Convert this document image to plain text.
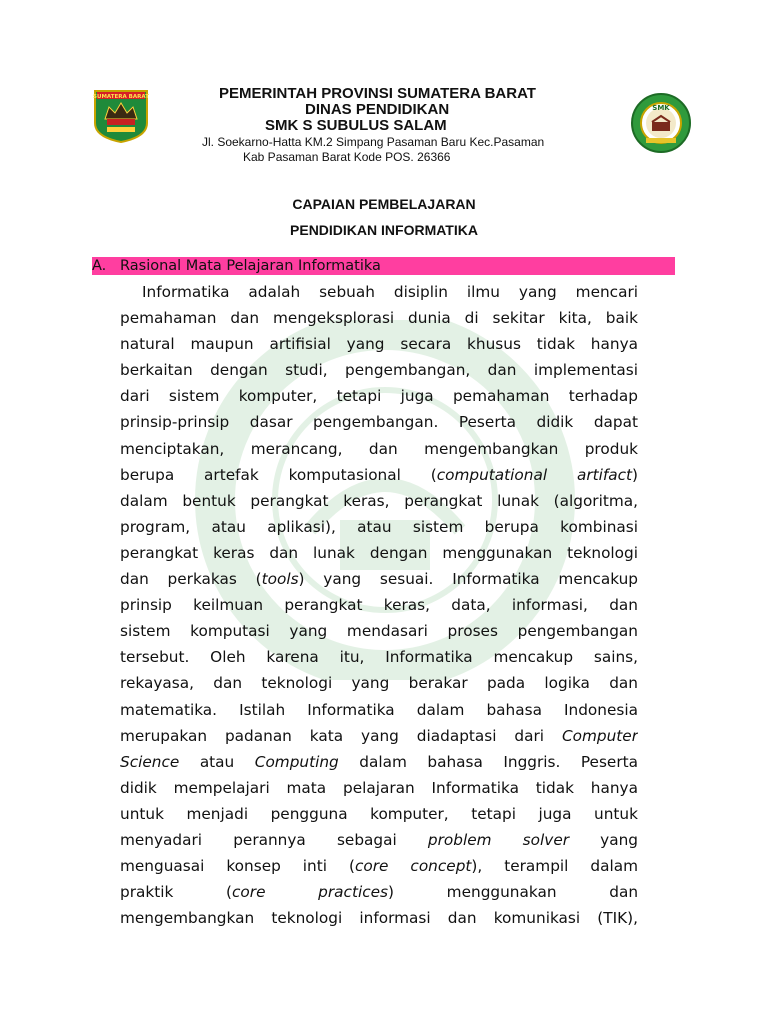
SUMATERA BARAT
SMK
PEMERINTAH PROVINSI SUMATERA BARAT
DINAS PENDIDIKAN
SMK S SUBULUS SALAM
Jl. Soekarno-Hatta KM.2 Simpang Pasaman Baru Kec.Pasaman
Kab Pasaman Barat Kode POS. 26366
CAPAIAN PEMBELAJARAN
PENDIDIKAN INFORMATIKA
A. Rasional Mata Pelajaran Informatika
Informatika adalah sebuah disiplin ilmu yang mencari
pemahaman dan mengeksplorasi dunia di sekitar kita, baik
natural maupun artifisial yang secara khusus tidak hanya
berkaitan dengan studi, pengembangan, dan implementasi
dari sistem komputer, tetapi juga pemahaman terhadap
prinsip-prinsip dasar pengembangan. Peserta didik dapat
menciptakan, merancang, dan mengembangkan produk
berupa artefak komputasional (computational artifact)
dalam bentuk perangkat keras, perangkat lunak (algoritma,
program, atau aplikasi), atau sistem berupa kombinasi
perangkat keras dan lunak dengan menggunakan teknologi
dan perkakas (tools) yang sesuai. Informatika mencakup
prinsip keilmuan perangkat keras, data, informasi, dan
sistem komputasi yang mendasari proses pengembangan
tersebut. Oleh karena itu, Informatika mencakup sains,
rekayasa, dan teknologi yang berakar pada logika dan
matematika. Istilah Informatika dalam bahasa Indonesia
merupakan padanan kata yang diadaptasi dari Computer
Science atau Computing dalam bahasa Inggris. Peserta
didik mempelajari mata pelajaran Informatika tidak hanya
untuk menjadi pengguna komputer, tetapi juga untuk
menyadari perannya sebagai problem solver yang
menguasai konsep inti (core concept), terampil dalam
praktik (core practices) menggunakan dan
mengembangkan teknologi informasi dan komunikasi (TIK),
